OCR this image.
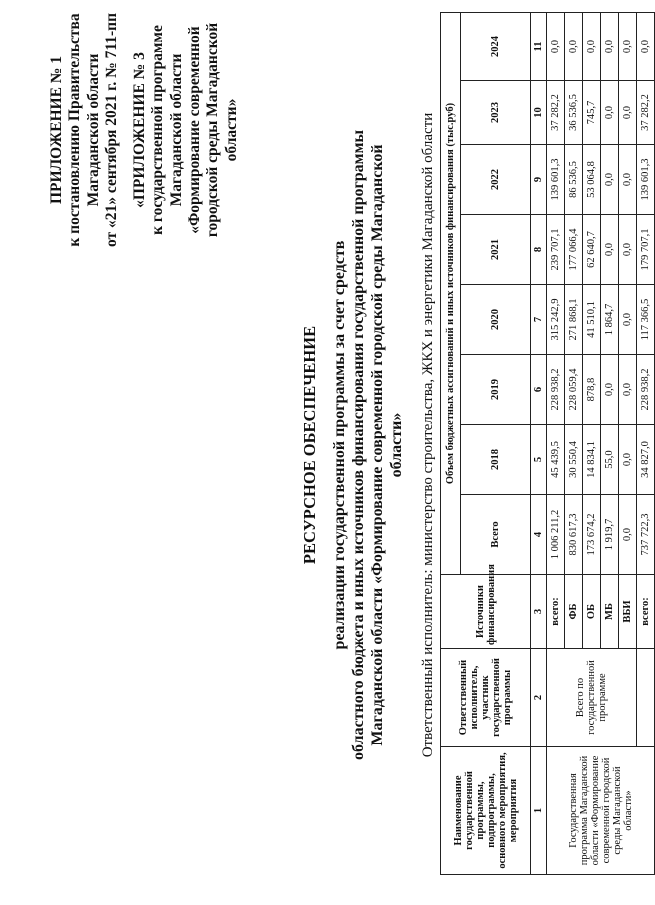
ПРИЛОЖЕНИЕ № 1 к постановлению Правительства Магаданской области от «21» сентября 2021 г. № 711-пп «ПРИЛОЖЕНИЕ № 3 к государственной программе Магаданской области «Формирование современной городской среды Магаданской области»
РЕСУРСНОЕ ОБЕСПЕЧЕНИЕ реализации государственной программы за счет средств областного бюджета и иных источников финансирования государственной программы Магаданской области «Формирование современной городской среды Магаданской области» Ответственный исполнитель: министерство строительства, ЖКХ и энергетики Магаданской области
Наименование государственной программы, подпрограммы, основного мероприятия, мероприятия	Ответственный исполнитель, участник государственной программы	Источники финансирования	Объем бюджетных ассигнований и иных источников финансирования (тыс.руб)							
			Всего	2018	2019	2020	2021	2022	2023	2024
1	2	3	4	5	6	7	8	9	10	11
Государственная программа Магаданской области «Формирование современной городской среды Магаданской области»	Всего по государственной программе	всего:	1 006 211,2	45 439,5	228 938,2	315 242,9	239 707,1	139 601,3	37 282,2	0,0
		ФБ	830 617,3	30 550,4	228 059,4	271 868,1	177 066,4	86 536,5	36 536,5	0,0
		ОБ	173 674,2	14 834,1	878,8	41 510,1	62 640,7	53 064,8	745,7	0,0
		МБ	1 919,7	55,0	0,0	1 864,7	0,0	0,0	0,0	0,0
		ВБИ	0,0	0,0	0,0	0,0	0,0	0,0	0,0	0,0
		всего:	737 722,3	34 827,0	228 938,2	117 366,5	179 707,1	139 601,3	37 282,2	0,0
